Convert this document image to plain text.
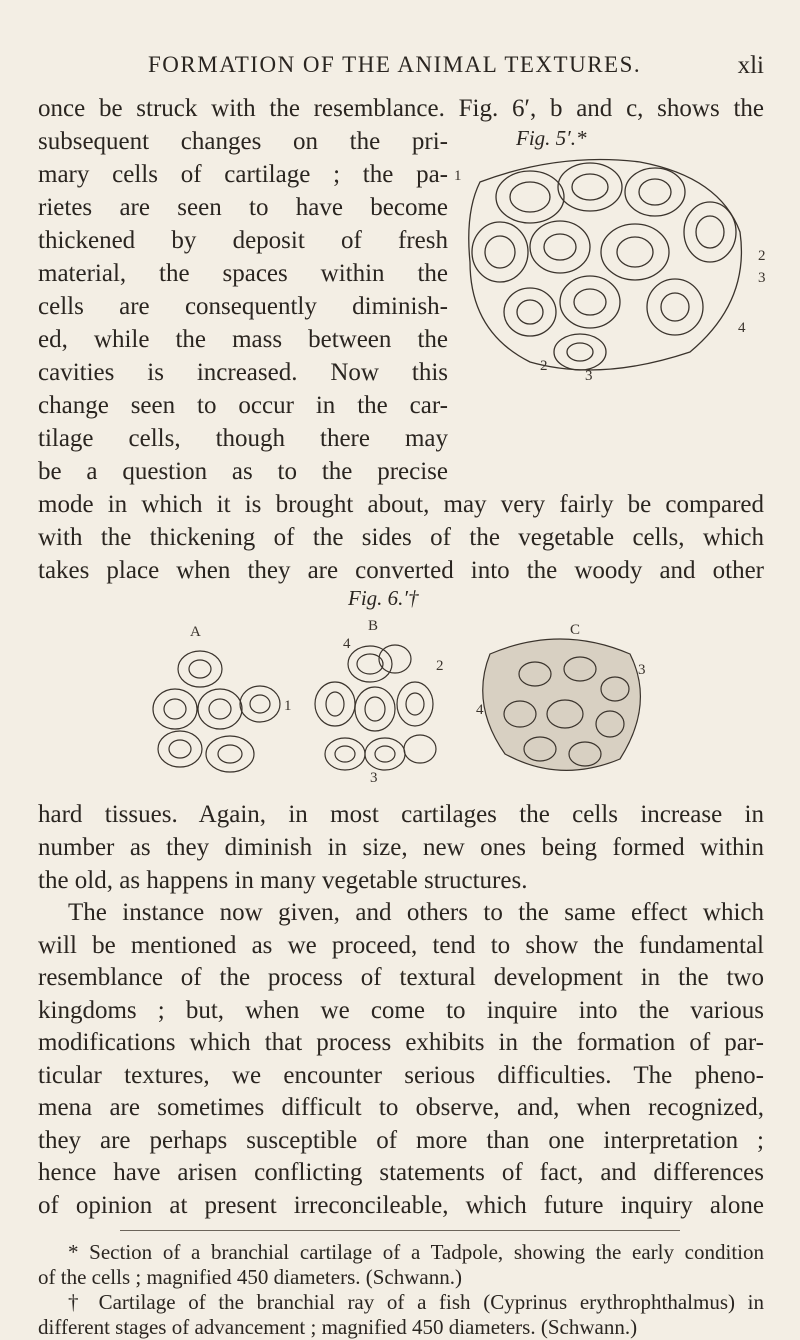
FORMATION OF THE ANIMAL TEXTURES.	xli
once be struck with the resemblance. Fig. 6′, b and c, shows the
subsequent changes on the pri-
mary cells of cartilage ; the pa-
rietes are seen to have become
thickened by deposit of fresh
material, the spaces within the
cells are consequently diminish-
ed, while the mass between the
cavities is increased. Now this
change seen to occur in the car-
tilage cells, though there may
be a question as to the precise
Fig. 5′.*
1
2
3
4
2
3
mode in which it is brought about, may very fairly be compared
with the thickening of the sides of the vegetable cells, which
takes place when they are converted into the woody and other
Fig. 6.′†
A	B	C
1
4
2
3
3
4
hard tissues. Again, in most cartilages the cells increase in
number as they diminish in size, new ones being formed within
the old, as happens in many vegetable structures.
The instance now given, and others to the same effect which
will be mentioned as we proceed, tend to show the fundamental
resemblance of the process of textural development in the two
kingdoms ; but, when we come to inquire into the various
modifications which that process exhibits in the formation of par-
ticular textures, we encounter serious difficulties. The pheno-
mena are sometimes difficult to observe, and, when recognized,
they are perhaps susceptible of more than one interpretation ;
hence have arisen conflicting statements of fact, and differences
of opinion at present irreconcileable, which future inquiry alone
* Section of a branchial cartilage of a Tadpole, showing the early condition
of the cells ; magnified 450 diameters. (Schwann.)
† Cartilage of the branchial ray of a fish (Cyprinus erythrophthalmus) in
different stages of advancement ; magnified 450 diameters. (Schwann.)
